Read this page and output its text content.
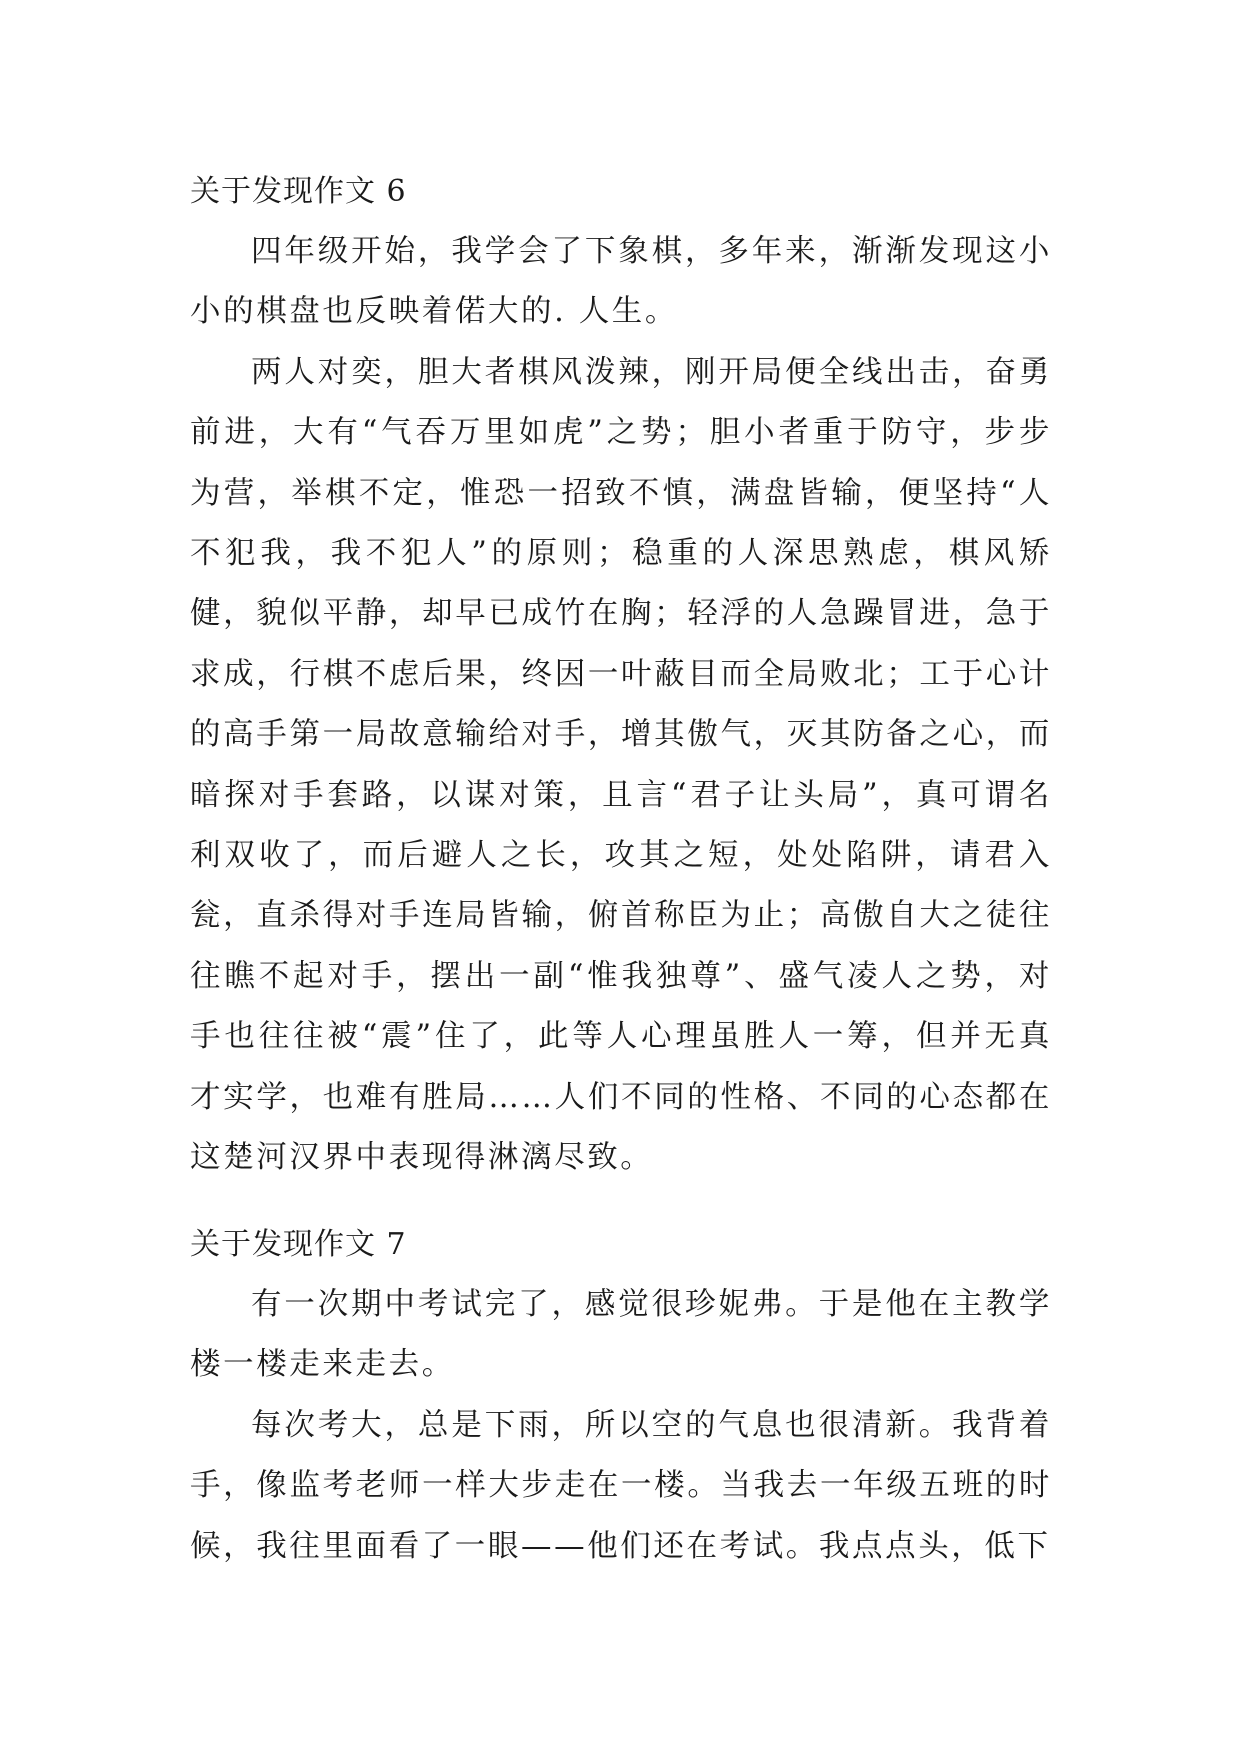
关于发现作文 6

四年级开始，我学会了下象棋，多年来，渐渐发现这小小的棋盘也反映着偌大的. 人生。

两人对奕，胆大者棋风泼辣，刚开局便全线出击，奋勇前进，大有“气吞万里如虎”之势；胆小者重于防守，步步为营，举棋不定，惟恐一招致不慎，满盘皆输，便坚持“人不犯我，我不犯人”的原则；稳重的人深思熟虑，棋风矫健，貌似平静，却早已成竹在胸；轻浮的人急躁冒进，急于求成，行棋不虑后果，终因一叶蔽目而全局败北；工于心计的高手第一局故意输给对手，增其傲气，灭其防备之心，而暗探对手套路，以谋对策，且言“君子让头局”，真可谓名利双收了，而后避人之长，攻其之短，处处陷阱，请君入瓮，直杀得对手连局皆输，俯首称臣为止；高傲自大之徒往往瞧不起对手，摆出一副“惟我独尊”、盛气凌人之势，对手也往往被“震”住了，此等人心理虽胜人一筹，但并无真才实学，也难有胜局……人们不同的性格、不同的心态都在这楚河汉界中表现得淋漓尽致。

关于发现作文 7

有一次期中考试完了，感觉很珍妮弗。于是他在主教学楼一楼走来走去。

每次考大，总是下雨，所以空的气息也很清新。我背着手，像监考老师一样大步走在一楼。当我去一年级五班的时候，我往里面看了一眼——他们还在考试。我点点头，低下
